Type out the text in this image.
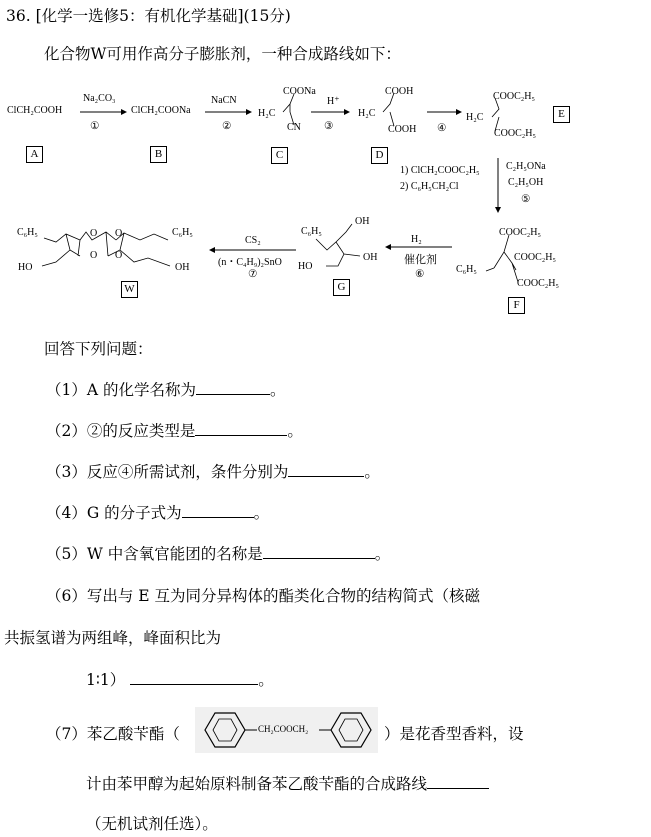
36. [化学一选修5：有机化学基础](15分)
化合物W可用作高分子膨胀剂，一种合成路线如下：
ClCH₂COOH
A
Na₂CO₃
①
ClCH₂COONa
B
NaCN
②
COONa
H₂C
CN
C
H⁺
③
COOH
H₂C
COOH
D
④
COOC₂H₅
H₂C
COOC₂H₅
E
1) ClCH₂COOC₂H₅
2) C₆H₅CH₂Cl
C₂H₅ONa
C₂H₅OH
⑤
COOC₂H₅
COOC₂H₅
COOC₂H₅
C₆H₅
F
H₂
催化剂
⑥
C₆H₅
OH
OH
HO
G
CS₂
(n・C₄H₉)₂SnO
⑦
C₆H₅	C₆H₅
HO	OH
O O
O O
W
回答下列问题：
（1）A 的化学名称为	。
（2）②的反应类型是	。
（3）反应④所需试剂，条件分别为	。
（4）G 的分子式为	。
（5）W 中含氧官能团的名称是	。
（6）写出与 E 互为同分异构体的酯类化合物的结构简式（核磁
共振氢谱为两组峰，峰面积比为
1∶1）	。
CH₂COOCH₂
（7）苯乙酸苄酯（	）是花香型香料，设
计由苯甲醇为起始原料制备苯乙酸苄酯的合成路线
（无机试剂任选）。
